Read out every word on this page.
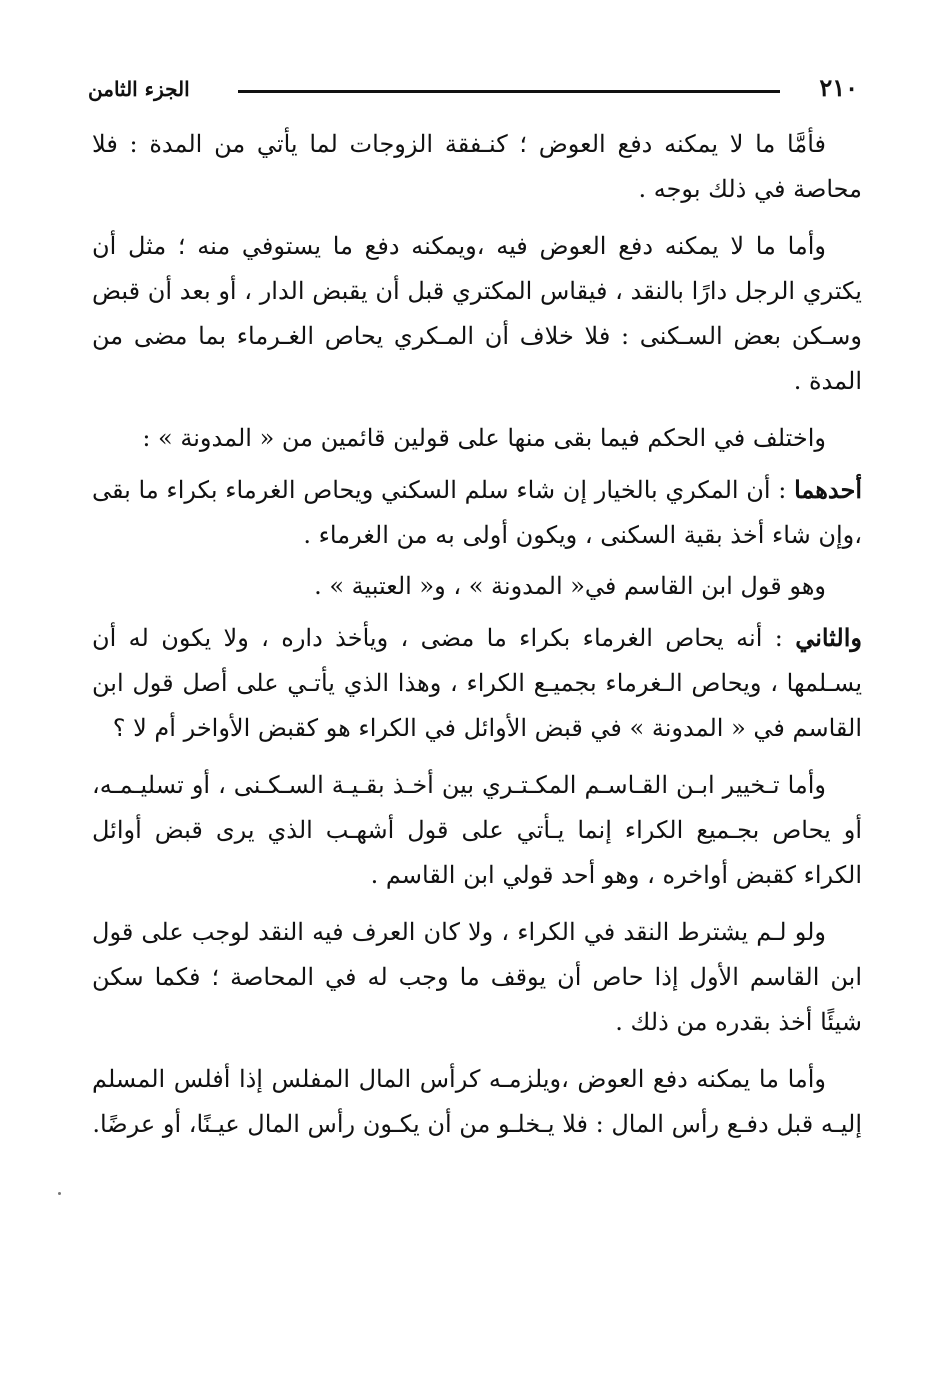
٢١٠
الجزء الثامن

فأمَّا ما لا يمكنه دفع العوض ؛ كنـفقة الزوجات لما يأتي من المدة : فلا محاصة في ذلك بوجه .

وأما ما لا يمكنه دفع العوض فيه ،ويمكنه دفع ما يستوفي منه ؛ مثل أن يكتري الرجل دارًا بالنقد ، فيقاس المكتري قبل أن يقبض الدار ، أو بعد أن قبض وسـكن بعض السـكنى : فلا خلاف أن المـكري يحاص الغـرماء بما مضى من المدة .

واختلف في الحكم فيما بقى منها على قولين قائمين من « المدونة » :

أحدهما : أن المكري بالخيار إن شاء سلم السكني ويحاص الغرماء بكراء ما بقى ،وإن شاء أخذ بقية السكنى ، ويكون أولى به من الغرماء .

وهو قول ابن القاسم في« المدونة » ، و« العتبية » .

والثاني : أنه يحاص الغرماء بكراء ما مضى ، ويأخذ داره ، ولا يكون له أن يسـلمها ، ويحاص الـغرماء بجميـع الكراء ، وهذا الذي يأتـي على أصل قول ابن القاسم في « المدونة » في قبض الأوائل في الكراء هو كقبض الأواخر أم لا ؟

وأما تـخيير ابـن القـاسـم المكـتـري بين أخـذ بقـيـة السـكـنى ، أو تسليـمـه، أو يحاص بجـميع الكراء إنما يـأتي على قول أشهـب الذي يرى قبض أوائل الكراء كقبض أواخره ، وهو أحد قولي ابن القاسم .

ولو لـم يشترط النقد في الكراء ، ولا كان العرف فيه النقد لوجب على قول ابن القاسم الأول إذا حاص أن يوقف ما وجب له في المحاصة ؛ فكما سكن شيئًا أخذ بقدره من ذلك .

وأما ما يمكنه دفع العوض ،ويلزمـه كرأس المال المفلس إذا أفلس المسلم إليـه قبل دفـع رأس المال : فلا يـخلـو من أن يكـون رأس المال عيـنًا، أو عرضًا.
